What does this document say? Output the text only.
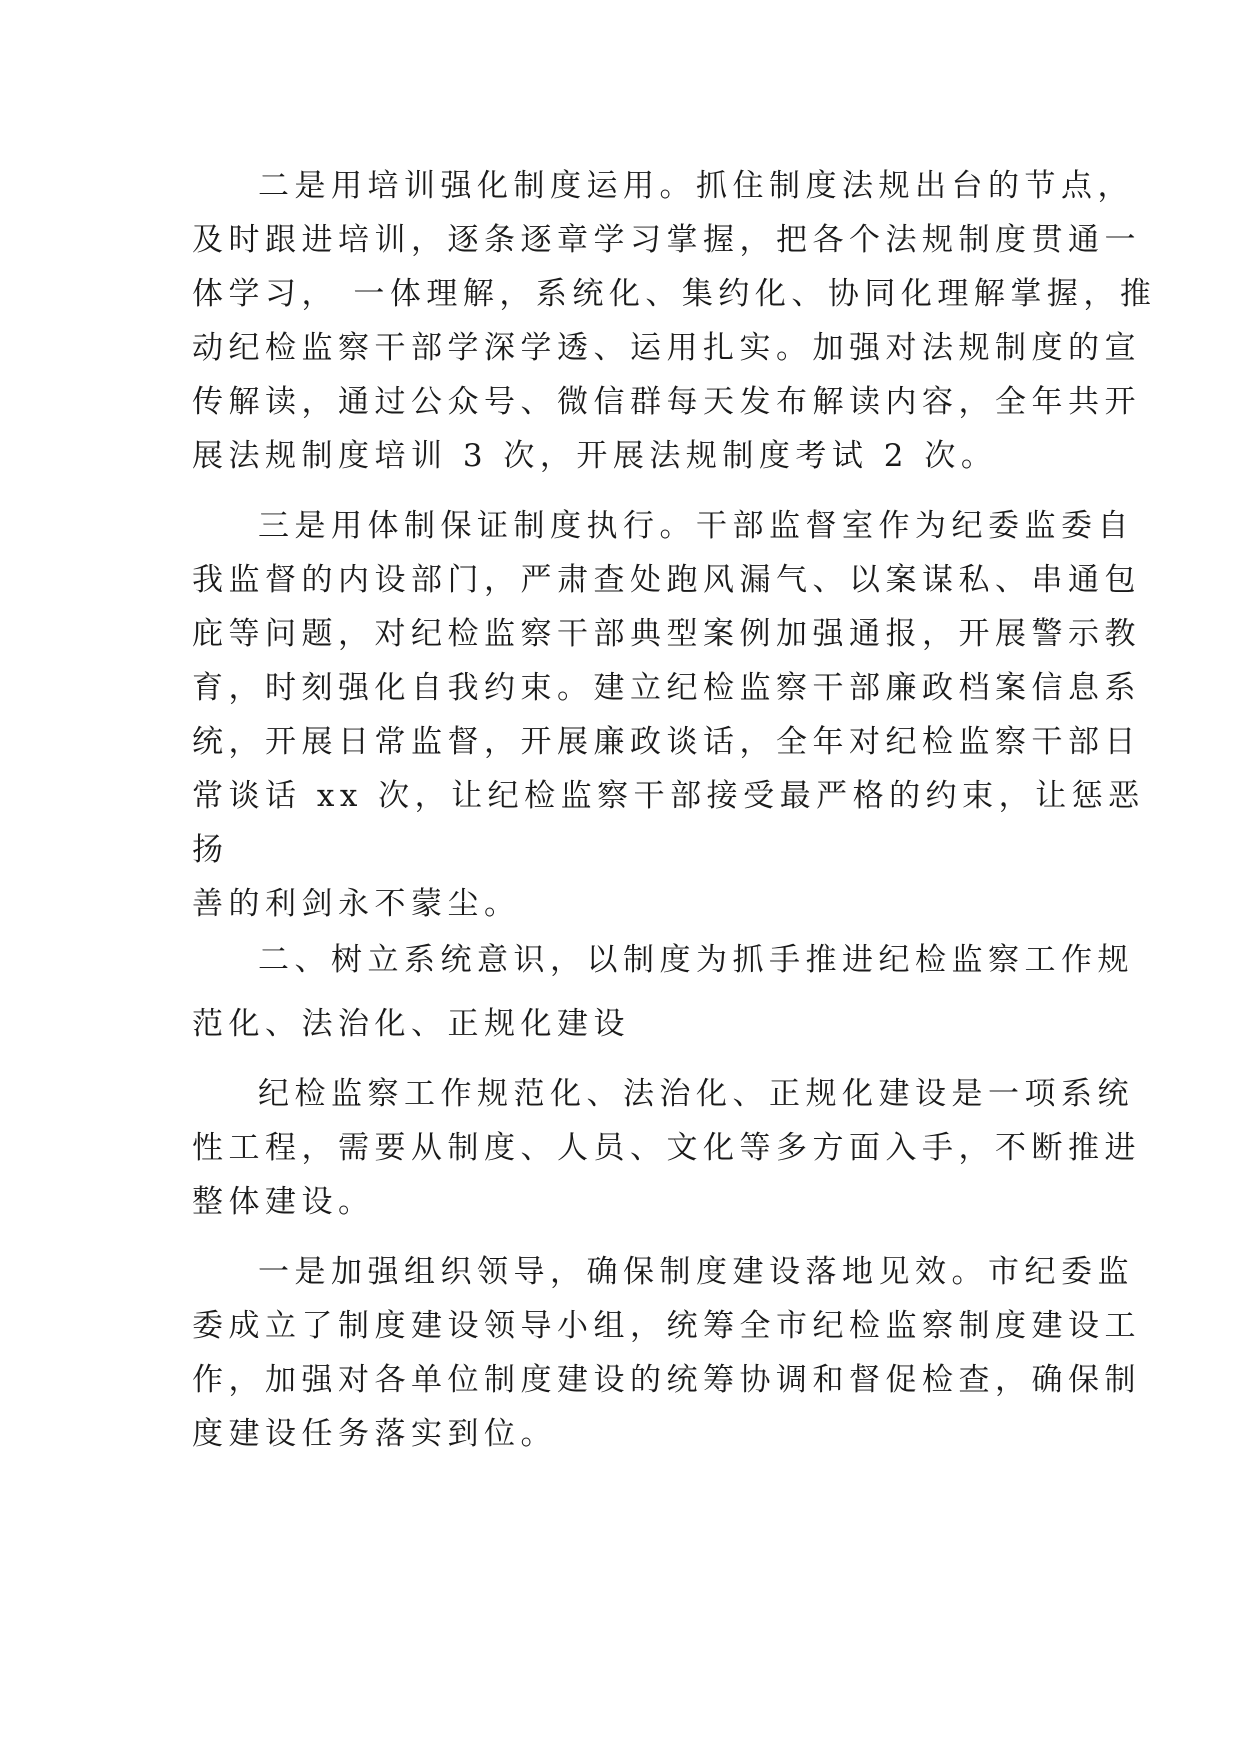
二是用培训强化制度运用。抓住制度法规出台的节点，

及时跟进培训，逐条逐章学习掌握，把各个法规制度贯通一

体学习， 一体理解，系统化、集约化、协同化理解掌握，推

动纪检监察干部学深学透、运用扎实。加强对法规制度的宣

传解读，通过公众号、微信群每天发布解读内容，全年共开

展法规制度培训 3 次，开展法规制度考试 2 次。

三是用体制保证制度执行。干部监督室作为纪委监委自

我监督的内设部门，严肃查处跑风漏气、以案谋私、串通包

庇等问题，对纪检监察干部典型案例加强通报，开展警示教

育，时刻强化自我约束。建立纪检监察干部廉政档案信息系

统，开展日常监督，开展廉政谈话，全年对纪检监察干部日

常谈话 xx 次，让纪检监察干部接受最严格的约束，让惩恶

扬

善的利剑永不蒙尘。

二、树立系统意识，以制度为抓手推进纪检监察工作规

范化、法治化、正规化建设

纪检监察工作规范化、法治化、正规化建设是一项系统

性工程，需要从制度、人员、文化等多方面入手，不断推进

整体建设。

一是加强组织领导，确保制度建设落地见效。市纪委监

委成立了制度建设领导小组，统筹全市纪检监察制度建设工

作，加强对各单位制度建设的统筹协调和督促检查，确保制

度建设任务落实到位。
